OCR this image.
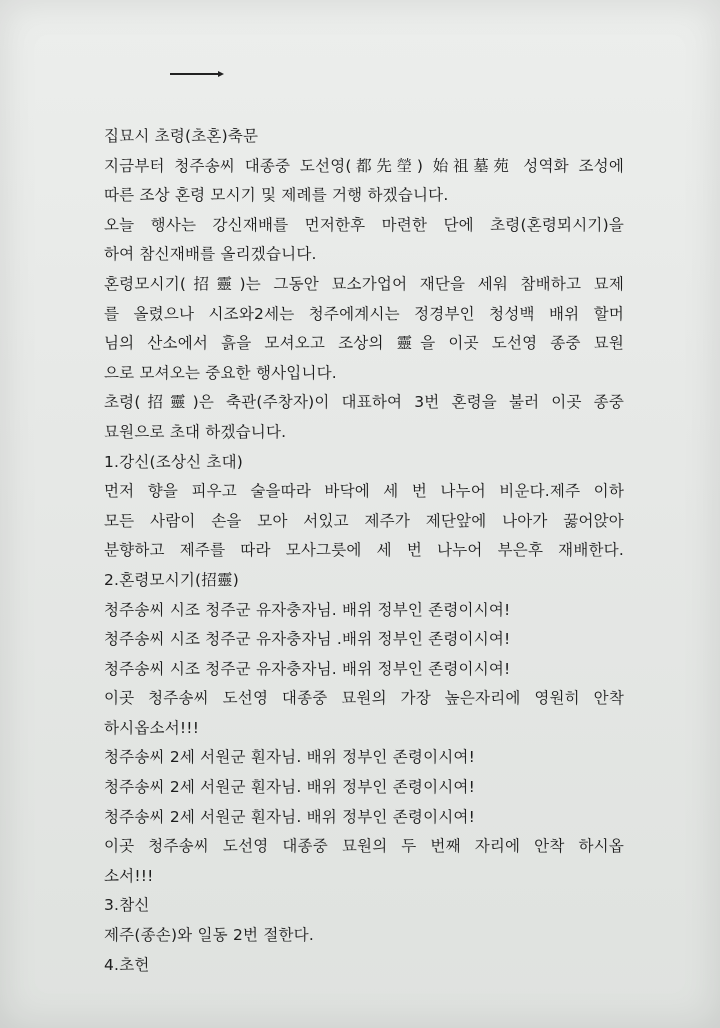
집묘시 초령(초혼)축문
지금부터 청주송씨 대종중 도선영(都先塋) 始祖墓苑 성역화 조성에
따른 조상 혼령 모시기 및 제례를 거행 하겠습니다.
오늘 행사는 강신재배를 먼저한후 마련한 단에 초령(혼령뫼시기)을
하여 참신재배를 올리겠습니다.
혼령모시기(招靈)는 그동안 묘소가업어 재단을 세워 참배하고 묘제
를 올렸으나 시조와2세는 청주에계시는 정경부인 청성백 배위 할머
님의 산소에서 흙을 모셔오고 조상의 靈을 이곳 도선영 종중 묘원
으로 모셔오는 중요한 행사입니다.
초령(招靈)은 축관(주창자)이 대표하여 3번 혼령을 불러 이곳 종중
묘원으로 초대 하겠습니다.
1.강신(조상신 초대)
먼저 향을 피우고 술을따라 바닥에 세 번 나누어 비운다.제주 이하
모든 사람이 손을 모아 서있고 제주가 제단앞에 나아가 꿇어앉아
분향하고 제주를 따라 모사그릇에 세 번 나누어 부은후 재배한다.
2.혼령모시기(招靈)
청주송씨 시조 청주군 유자충자님. 배위 정부인 존령이시여!
청주송씨 시조 청주군 유자충자님 .배위 정부인 존령이시여!
청주송씨 시조 청주군 유자충자님. 배위 정부인 존령이시여!
이곳 청주송씨 도선영 대종중 묘원의 가장 높은자리에 영원히 안착
하시옵소서!!!
청주송씨 2세 서원군 훤자님. 배위 정부인 존령이시여!
청주송씨 2세 서원군 훤자님. 배위 정부인 존령이시여!
청주송씨 2세 서원군 훤자님. 배위 정부인 존령이시여!
이곳 청주송씨 도선영 대종중 묘원의 두 번째 자리에 안착 하시옵
소서!!!
3.참신
제주(종손)와 일동 2번 절한다.
4.초헌
